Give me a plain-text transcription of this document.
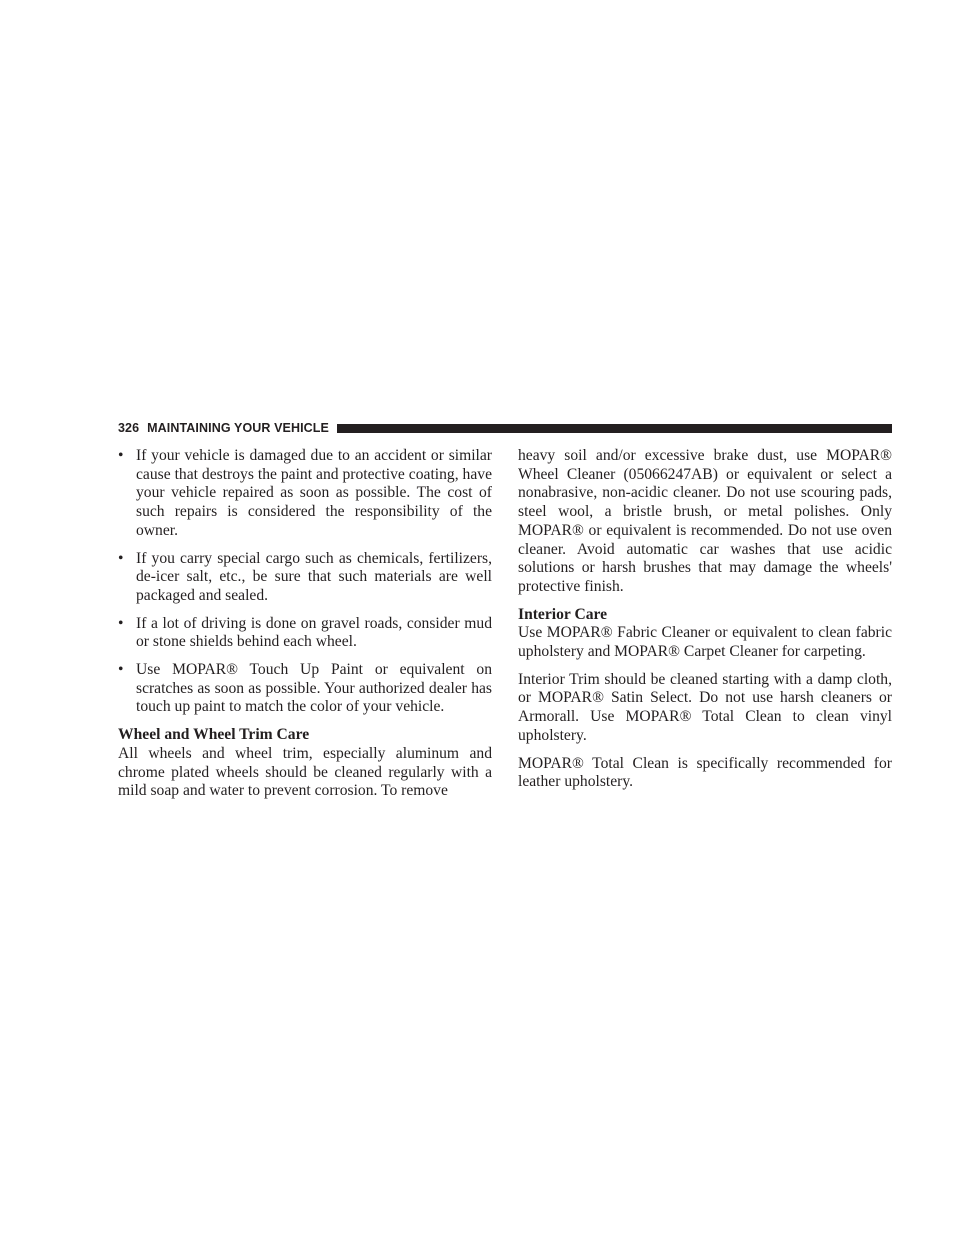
326 MAINTAINING YOUR VEHICLE
• If your vehicle is damaged due to an accident or similar cause that destroys the paint and protective coating, have your vehicle repaired as soon as possible. The cost of such repairs is considered the responsibility of the owner.
• If you carry special cargo such as chemicals, fertilizers, de-icer salt, etc., be sure that such materials are well packaged and sealed.
• If a lot of driving is done on gravel roads, consider mud or stone shields behind each wheel.
• Use MOPAR® Touch Up Paint or equivalent on scratches as soon as possible. Your authorized dealer has touch up paint to match the color of your vehicle.
Wheel and Wheel Trim Care

All wheels and wheel trim, especially aluminum and chrome plated wheels should be cleaned regularly with a mild soap and water to prevent corrosion. To remove

heavy soil and/or excessive brake dust, use MOPAR® Wheel Cleaner (05066247AB) or equivalent or select a nonabrasive, non-acidic cleaner. Do not use scouring pads, steel wool, a bristle brush, or metal polishes. Only MOPAR® or equivalent is recommended. Do not use oven cleaner. Avoid automatic car washes that use acidic solutions or harsh brushes that may damage the wheels' protective finish.

Interior Care

Use MOPAR® Fabric Cleaner or equivalent to clean fabric upholstery and MOPAR® Carpet Cleaner for carpeting.

Interior Trim should be cleaned starting with a damp cloth, or MOPAR® Satin Select. Do not use harsh cleaners or Armorall. Use MOPAR® Total Clean to clean vinyl upholstery.

MOPAR® Total Clean is specifically recommended for leather upholstery.
